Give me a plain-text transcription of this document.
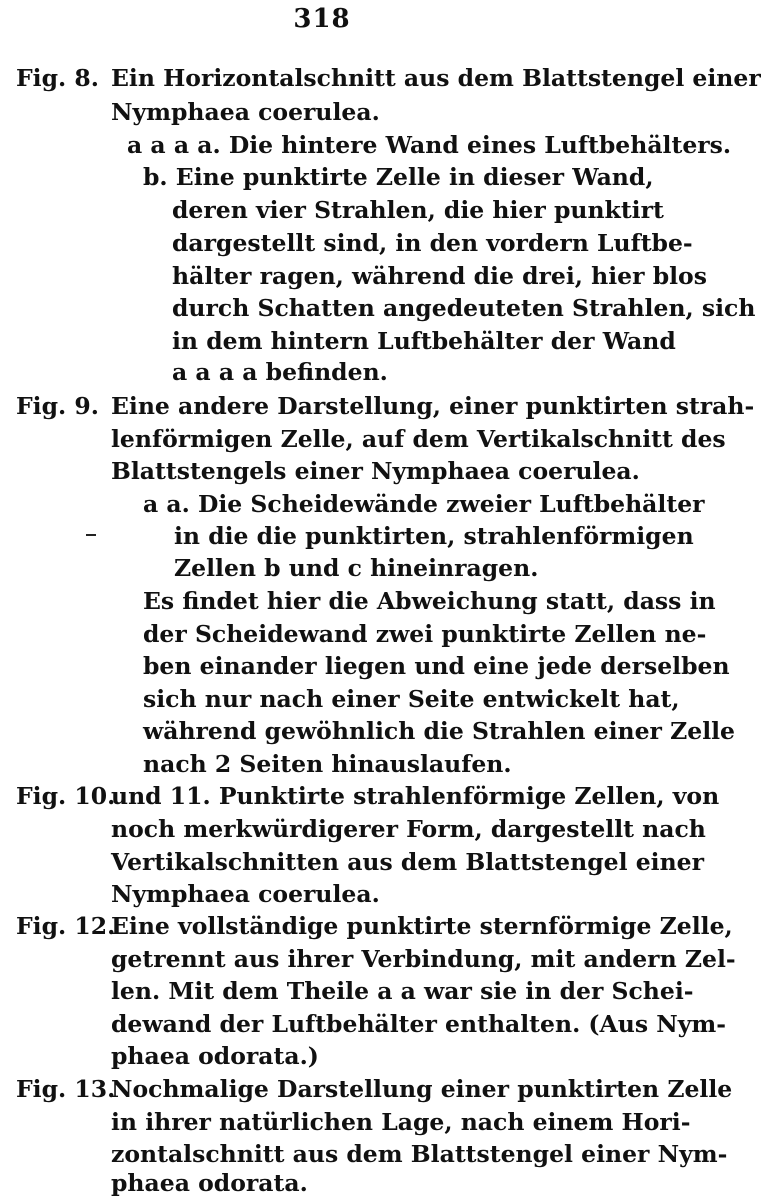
318
Fig. 8. Ein Horizontalschnitt aus dem Blattstengel einer
Nymphaea coerulea.
a a a a. Die hintere Wand eines Luftbehälters.
b. Eine punktirte Zelle in dieser Wand,
deren vier Strahlen, die hier punktirt
dargestellt sind, in den vordern Luftbe-
hälter ragen, während die drei, hier blos
durch Schatten angedeuteten Strahlen, sich
in dem hintern Luftbehälter der Wand
a a a a befinden.
Fig. 9. Eine andere Darstellung, einer punktirten strah-
lenförmigen Zelle, auf dem Vertikalschnitt des
Blattstengels einer Nymphaea coerulea.
a a. Die Scheidewände zweier Luftbehälter
in die die punktirten, strahlenförmigen
Zellen b und c hineinragen.
Es findet hier die Abweichung statt, dass in
der Scheidewand zwei punktirte Zellen ne-
ben einander liegen und eine jede derselben
sich nur nach einer Seite entwickelt hat,
während gewöhnlich die Strahlen einer Zelle
nach 2 Seiten hinauslaufen.
Fig. 10.
und 11. Punktirte strahlenförmige Zellen, von
noch merkwürdigerer Form, dargestellt nach
Vertikalschnitten aus dem Blattstengel einer
Nymphaea coerulea.
Fig. 12.
Eine vollständige punktirte sternförmige Zelle,
getrennt aus ihrer Verbindung, mit andern Zel-
len. Mit dem Theile a a war sie in der Schei-
dewand der Luftbehälter enthalten. (Aus Nym-
phaea odorata.)
Fig. 13.
Nochmalige Darstellung einer punktirten Zelle
in ihrer natürlichen Lage, nach einem Hori-
zontalschnitt aus dem Blattstengel einer Nym-
phaea odorata.
